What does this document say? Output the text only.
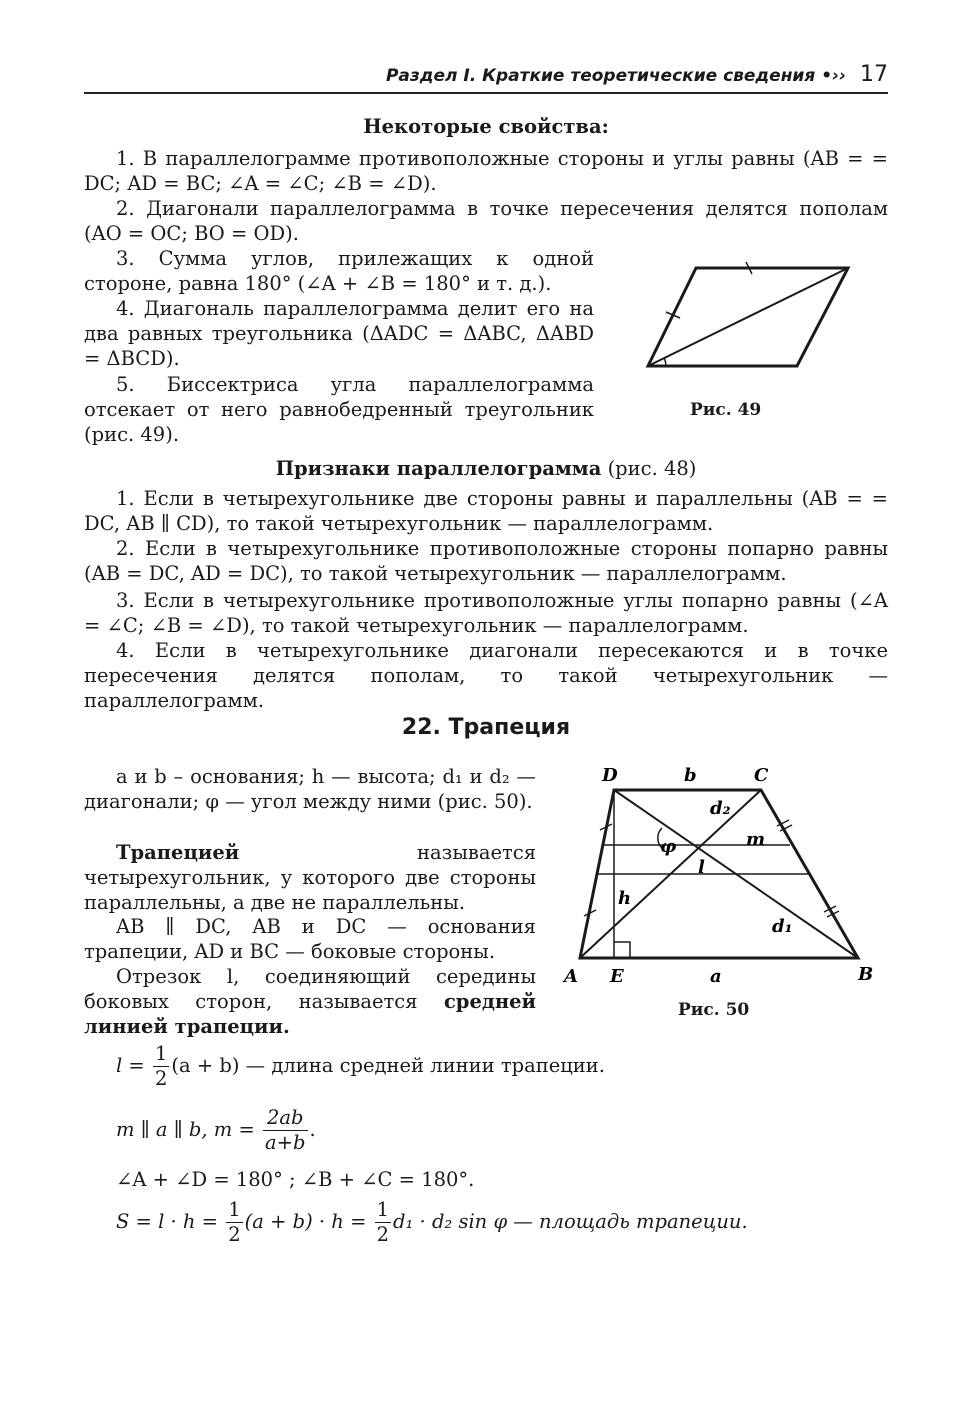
Раздел I. Краткие теоретические сведения •›› 17

Некоторые свойства:

1. В параллелограмме противоположные стороны и углы равны (AB = = DC; AD = BC; ∠A = ∠C; ∠B = ∠D).

2. Диагонали параллелограмма в точке пересечения делятся пополам (AO = OC; BO = OD).

3. Сумма углов, прилежащих к одной стороне, равна 180° (∠A + ∠B = 180° и т. д.).

4. Диагональ параллелограмма делит его на два равных треугольника (ΔADC = ΔABC, ΔABD = ΔBCD).

5. Биссектриса угла параллелограмма отсекает от него равнобедренный треугольник (рис. 49).

Рис. 49

Признаки параллелограмма (рис. 48)

1. Если в четырехугольнике две стороны равны и параллельны (AB = = DC, AB ∥ CD), то такой четырехугольник — параллелограмм.

2. Если в четырехугольнике противоположные стороны попарно равны (AB = DC, AD = DC), то такой четырехугольник — параллелограмм.

3. Если в четырехугольнике противоположные углы попарно равны (∠A = ∠C; ∠B = ∠D), то такой четырехугольник — параллелограмм.

4. Если в четырехугольнике диагонали пересекаются и в точке пересечения делятся пополам, то такой четырехугольник — параллелограмм.

22. Трапеция

a и b – основания; h — высота; d₁ и d₂ — диагонали; φ — угол между ними (рис. 50).

Трапецией называется четырехугольник, у которого две стороны параллельны, а две не параллельны.

AB ∥ DC, AB и DC — основания трапеции, AD и BC — боковые стороны.

Отрезок l, соединяющий середины боковых сторон, называется средней линией трапеции.

D	b	C
d₂
m
φ
l
h
d₁
A E	a	B
Рис. 50
$l = \frac{1}{2} (a + b)$ — длина средней линии трапеции.
m ∥ a ∥ b, $m = \frac{2ab}{a+b}$ .
∠A + ∠D = 180° ; ∠B + ∠C = 180°.
$S = l \cdot h = \frac{1}{2} (a + b) \cdot h = \frac{1}{2} d_1 \cdot d_2$ sin φ — площадь трапеции.
